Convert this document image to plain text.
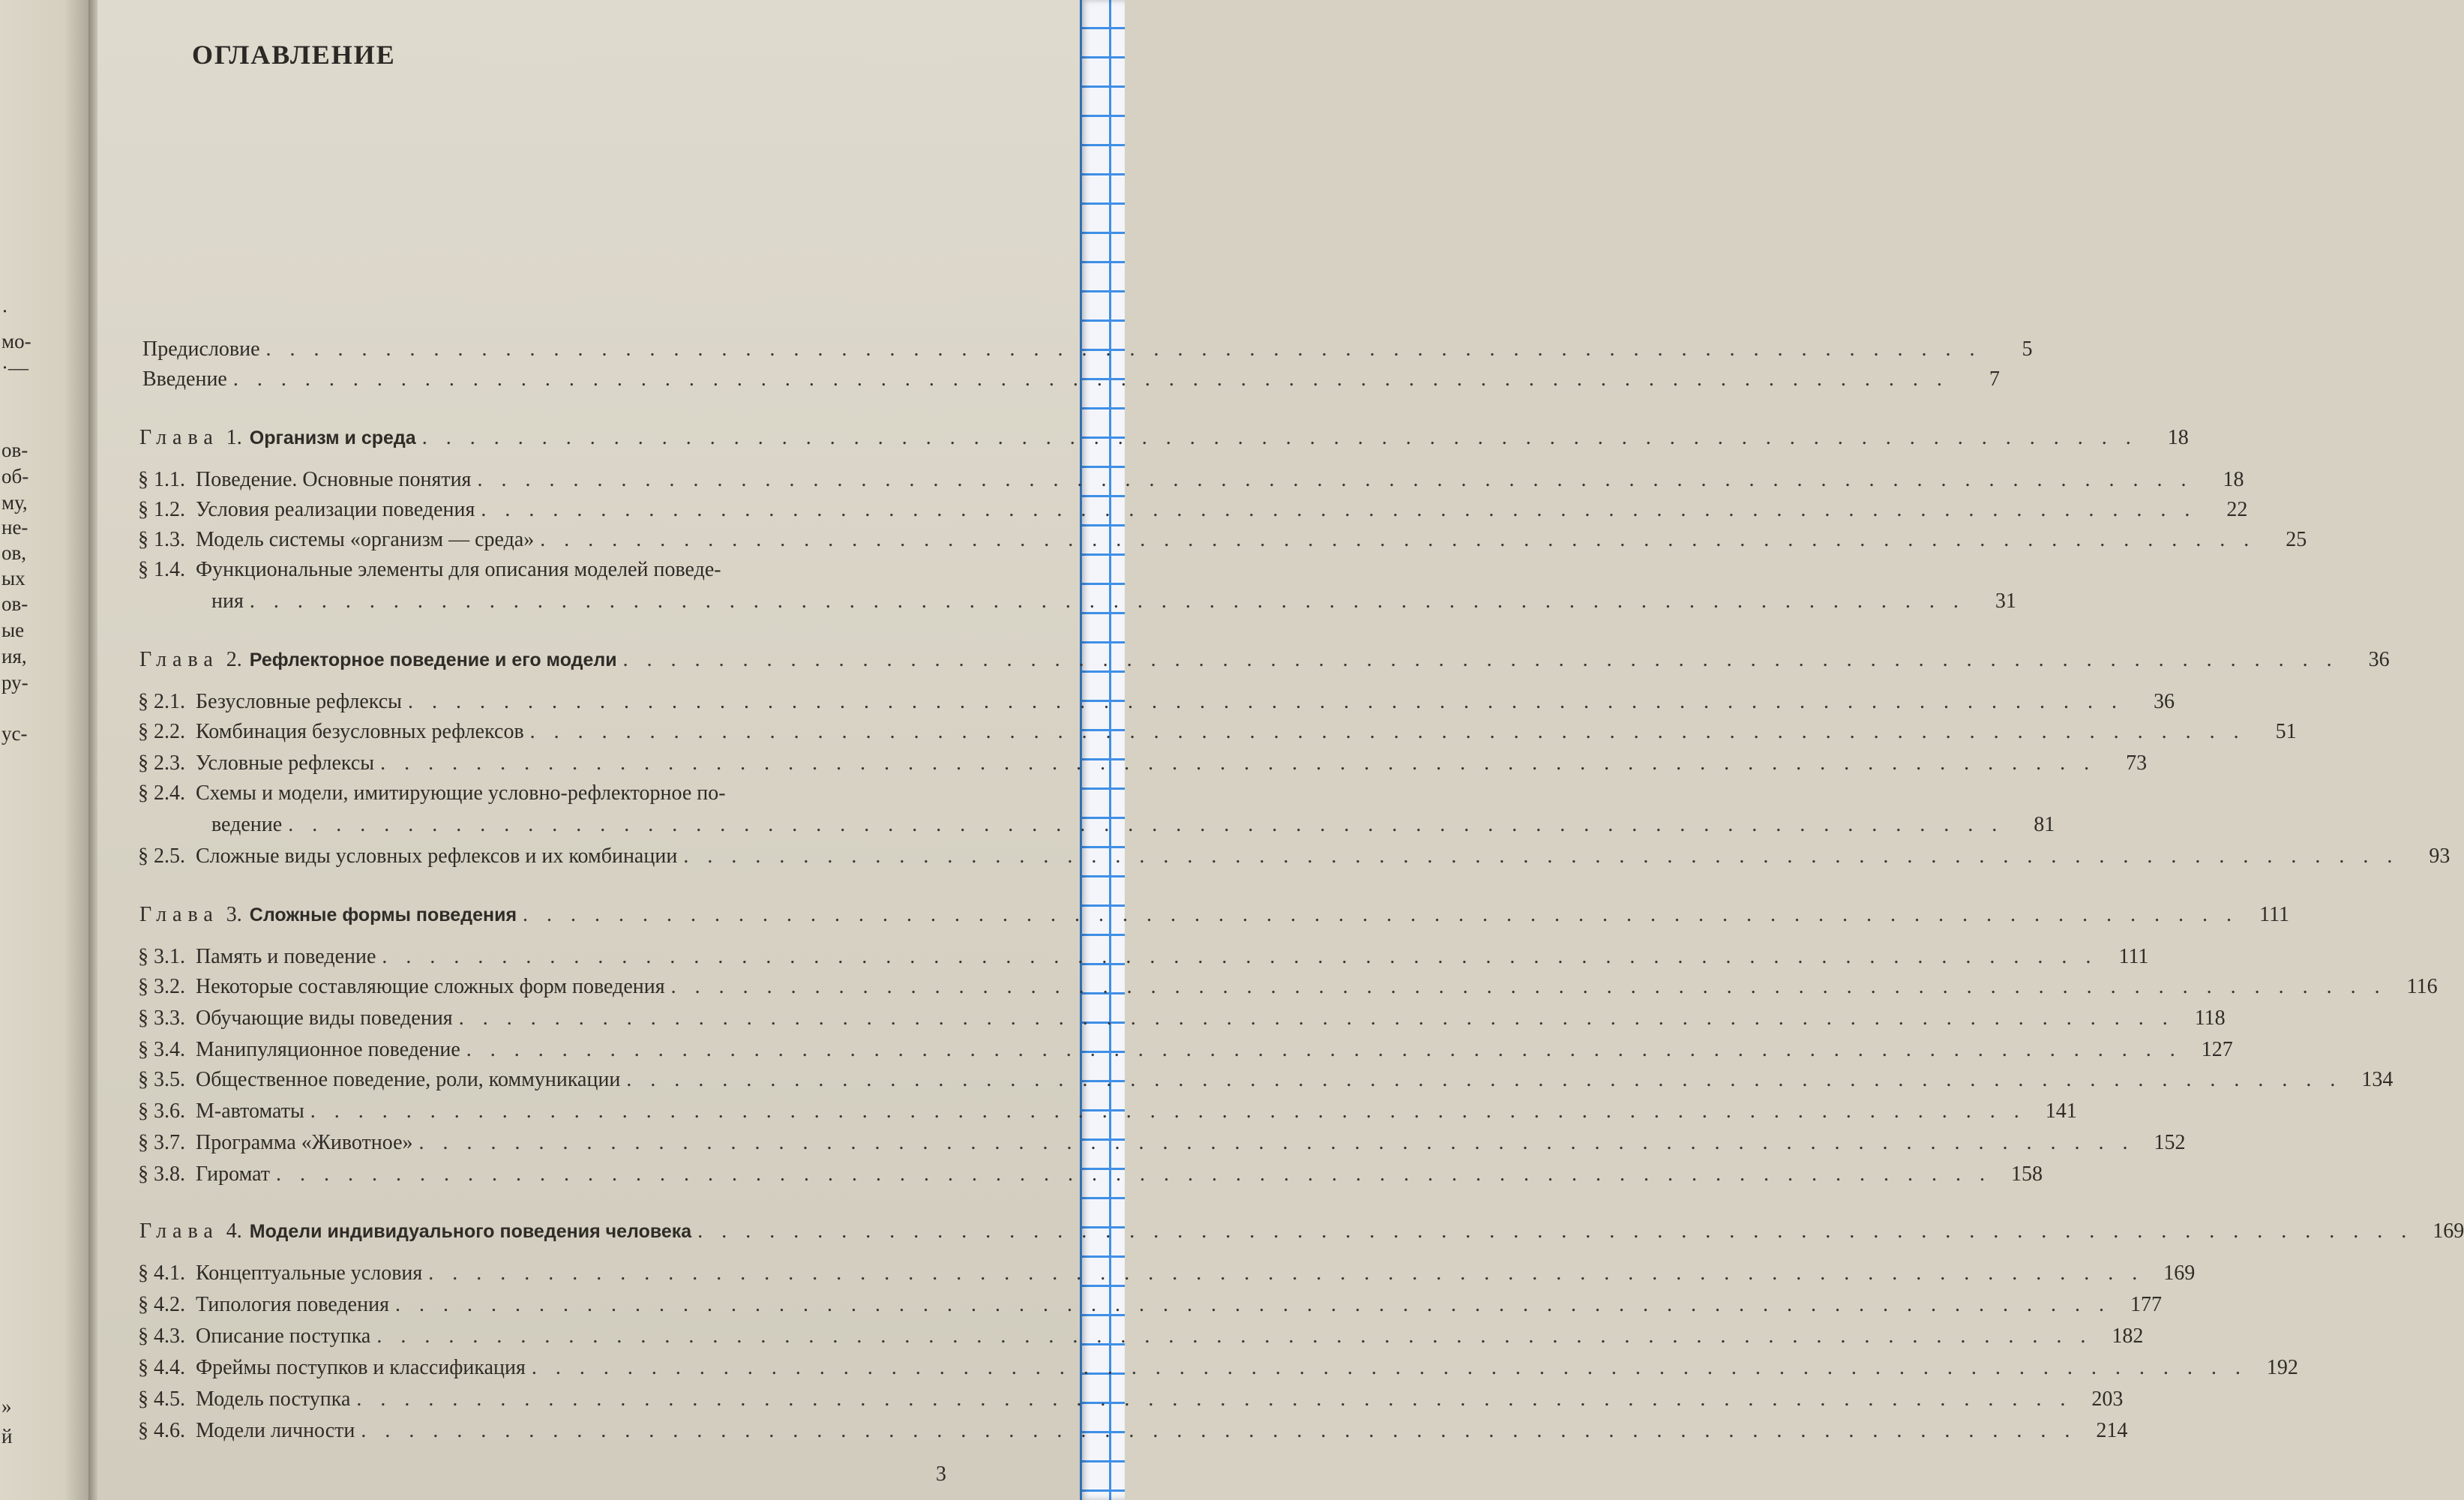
·
мо-
·—
ов-
об-
му,
не-
ов,
ых
ов-
ые
ия,
ру-
ус-
»
й
ОГЛАВЛЕНИЕ
Предисловие . . . . . . . . . . . . . . . . . . . . . . . . . . . . . . . . . . . . . . . . . . . . . . . . . . . . . . . . . . . . . . . . . . . . . . . .	5
Введение . . . . . . . . . . . . . . . . . . . . . . . . . . . . . . . . . . . . . . . . . . . . . . . . . . . . . . . . . . . . . . . . . . . . . . . .	7
Глава 1. Организм и среда . . . . . . . . . . . . . . . . . . . . . . . . . . . . . . . . . . . . . . . . . . . . . . . . . . . . . . . . . . . . . . . . . . . . . . . .	18
§ 1.1. Поведение. Основные понятия . . . . . . . . . . . . . . . . . . . . . . . . . . . . . . . . . . . . . . . . . . . . . . . . . . . . . . . . . . . . . . . . . . . . . . . .	18
§ 1.2. Условия реализации поведения . . . . . . . . . . . . . . . . . . . . . . . . . . . . . . . . . . . . . . . . . . . . . . . . . . . . . . . . . . . . . . . . . . . . . . . .	22
§ 1.3. Модель системы «организм — среда» . . . . . . . . . . . . . . . . . . . . . . . . . . . . . . . . . . . . . . . . . . . . . . . . . . . . . . . . . . . . . . . . . . . . . . . .	25
§ 1.4. Функциональные элементы для описания моделей поведе-
ния . . . . . . . . . . . . . . . . . . . . . . . . . . . . . . . . . . . . . . . . . . . . . . . . . . . . . . . . . . . . . . . . . . . . . . . .	31
Глава 2. Рефлекторное поведение и его модели . . . . . . . . . . . . . . . . . . . . . . . . . . . . . . . . . . . . . . . . . . . . . . . . . . . . . . . . . . . . . . . . . . . . . . . .	36
§ 2.1. Безусловные рефлексы . . . . . . . . . . . . . . . . . . . . . . . . . . . . . . . . . . . . . . . . . . . . . . . . . . . . . . . . . . . . . . . . . . . . . . . .	36
§ 2.2. Комбинация безусловных рефлексов . . . . . . . . . . . . . . . . . . . . . . . . . . . . . . . . . . . . . . . . . . . . . . . . . . . . . . . . . . . . . . . . . . . . . . . .	51
§ 2.3. Условные рефлексы . . . . . . . . . . . . . . . . . . . . . . . . . . . . . . . . . . . . . . . . . . . . . . . . . . . . . . . . . . . . . . . . . . . . . . . .	73
§ 2.4. Схемы и модели, имитирующие условно-рефлекторное по-
ведение . . . . . . . . . . . . . . . . . . . . . . . . . . . . . . . . . . . . . . . . . . . . . . . . . . . . . . . . . . . . . . . . . . . . . . . .	81
§ 2.5. Сложные виды условных рефлексов и их комбинации . . . . . . . . . . . . . . . . . . . . . . . . . . . . . . . . . . . . . . . . . . . . . . . . . . . . . . . . . . . . . . . . . . . . . . . .	93
Глава 3. Сложные формы поведения . . . . . . . . . . . . . . . . . . . . . . . . . . . . . . . . . . . . . . . . . . . . . . . . . . . . . . . . . . . . . . . . . . . . . . . .	111
§ 3.1. Память и поведение . . . . . . . . . . . . . . . . . . . . . . . . . . . . . . . . . . . . . . . . . . . . . . . . . . . . . . . . . . . . . . . . . . . . . . . .	111
§ 3.2. Некоторые составляющие сложных форм поведения . . . . . . . . . . . . . . . . . . . . . . . . . . . . . . . . . . . . . . . . . . . . . . . . . . . . . . . . . . . . . . . . . . . . . . . . 116
§ 3.3. Обучающие виды поведения . . . . . . . . . . . . . . . . . . . . . . . . . . . . . . . . . . . . . . . . . . . . . . . . . . . . . . . . . . . . . . . . . . . . . . . . 118
§ 3.4. Манипуляционное поведение . . . . . . . . . . . . . . . . . . . . . . . . . . . . . . . . . . . . . . . . . . . . . . . . . . . . . . . . . . . . . . . . . . . . . . . . 127
§ 3.5. Общественное поведение, роли, коммуникации . . . . . . . . . . . . . . . . . . . . . . . . . . . . . . . . . . . . . . . . . . . . . . . . . . . . . . . . . . . . . . . . . . . . . . . . 134
§ 3.6. М-автоматы . . . . . . . . . . . . . . . . . . . . . . . . . . . . . . . . . . . . . . . . . . . . . . . . . . . . . . . . . . . . . . . . . . . . . . . . 141
§ 3.7. Программа «Животное» . . . . . . . . . . . . . . . . . . . . . . . . . . . . . . . . . . . . . . . . . . . . . . . . . . . . . . . . . . . . . . . . . . . . . . . . 152
§ 3.8. Гиромат . . . . . . . . . . . . . . . . . . . . . . . . . . . . . . . . . . . . . . . . . . . . . . . . . . . . . . . . . . . . . . . . . . . . . . . . 158
Глава 4. Модели индивидуального поведения человека . . . . . . . . . . . . . . . . . . . . . . . . . . . . . . . . . . . . . . . . . . . . . . . . . . . . . . . . . . . . . . . . . . . . . . . . 169
§ 4.1. Концептуальные условия . . . . . . . . . . . . . . . . . . . . . . . . . . . . . . . . . . . . . . . . . . . . . . . . . . . . . . . . . . . . . . . . . . . . . . . . 169
§ 4.2. Типология поведения . . . . . . . . . . . . . . . . . . . . . . . . . . . . . . . . . . . . . . . . . . . . . . . . . . . . . . . . . . . . . . . . . . . . . . . . 177
§ 4.3. Описание поступка . . . . . . . . . . . . . . . . . . . . . . . . . . . . . . . . . . . . . . . . . . . . . . . . . . . . . . . . . . . . . . . . . . . . . . . . 182
§ 4.4. Фреймы поступков и классификация . . . . . . . . . . . . . . . . . . . . . . . . . . . . . . . . . . . . . . . . . . . . . . . . . . . . . . . . . . . . . . . . . . . . . . . . 192
§ 4.5. Модель поступка . . . . . . . . . . . . . . . . . . . . . . . . . . . . . . . . . . . . . . . . . . . . . . . . . . . . . . . . . . . . . . . . . . . . . . . . 203
§ 4.6. Модели личности . . . . . . . . . . . . . . . . . . . . . . . . . . . . . . . . . . . . . . . . . . . . . . . . . . . . . . . . . . . . . . . . . . . . . . . . 214
3
